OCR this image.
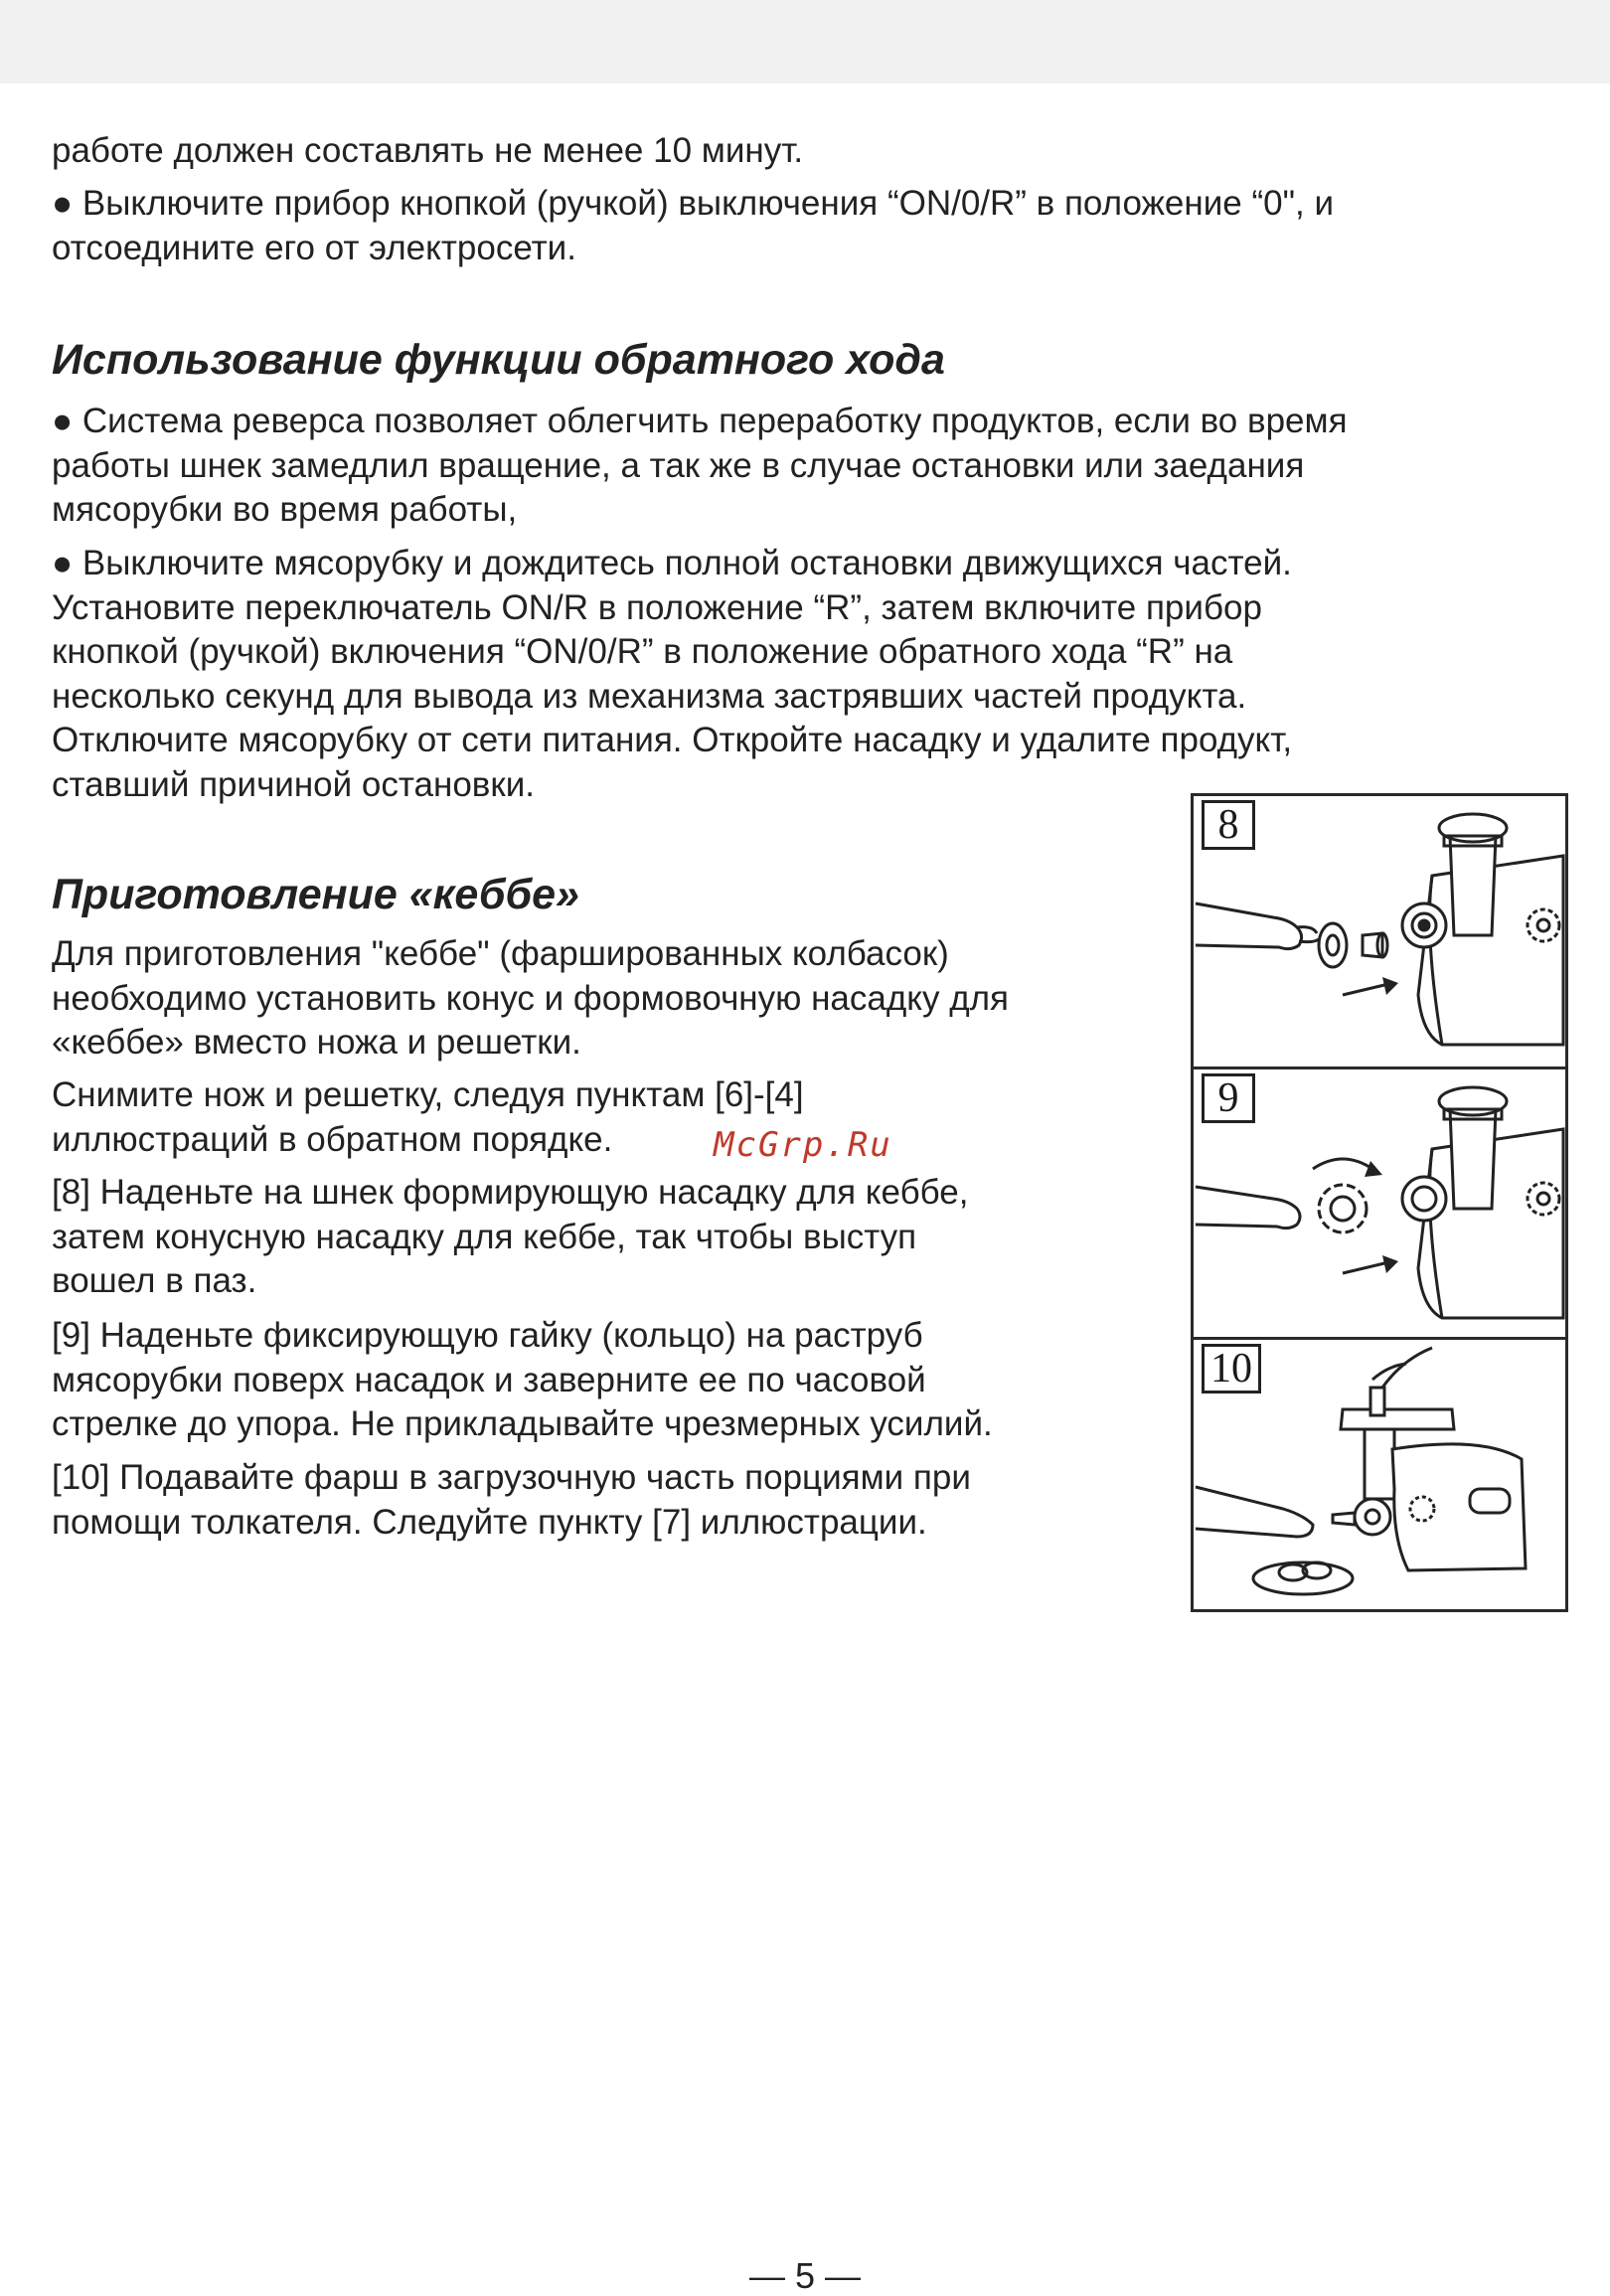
работе должен составлять не менее 10 минут.

● Выключите прибор кнопкой (ручкой) выключения “ON/0/R” в положение “0", и
отсоедините его от электросети.

Использование функции обратного хода

● Система реверса позволяет облегчить переработку продуктов, если во время
работы шнек замедлил вращение, а так же в случае остановки или заедания
мясорубки во время работы,

● Выключите мясорубку и дождитесь полной остановки движущихся частей.
Установите переключатель ON/R в положение “R”, затем включите прибор
кнопкой (ручкой) включения “ON/0/R” в положение обратного хода “R” на
несколько секунд для вывода из механизма застрявших частей продукта.
Отключите мясорубку от сети питания. Откройте насадку и удалите продукт,
ставший причиной остановки.

Приготовление «кеббе»

Для приготовления "кеббе" (фаршированных колбасок)
необходимо установить конус и формовочную насадку для
«кеббе» вместо ножа и решетки.

Снимите нож и решетку, следуя пунктам [6]-[4]
иллюстраций в обратном порядке.	McGrp.Ru

[8] Наденьте на шнек формирующую насадку для кеббе,
затем конусную насадку для кеббе, так чтобы выступ
вошел в паз.

[9] Наденьте фиксирующую гайку (кольцо) на раструб
мясорубки поверх насадок и заверните ее по часовой
стрелке до упора. Не прикладывайте чрезмерных усилий.

[10] Подавайте фарш в загрузочную часть порциями при
помощи толкателя. Следуйте пункту [7] иллюстрации.

8
9
10
— 5 —
